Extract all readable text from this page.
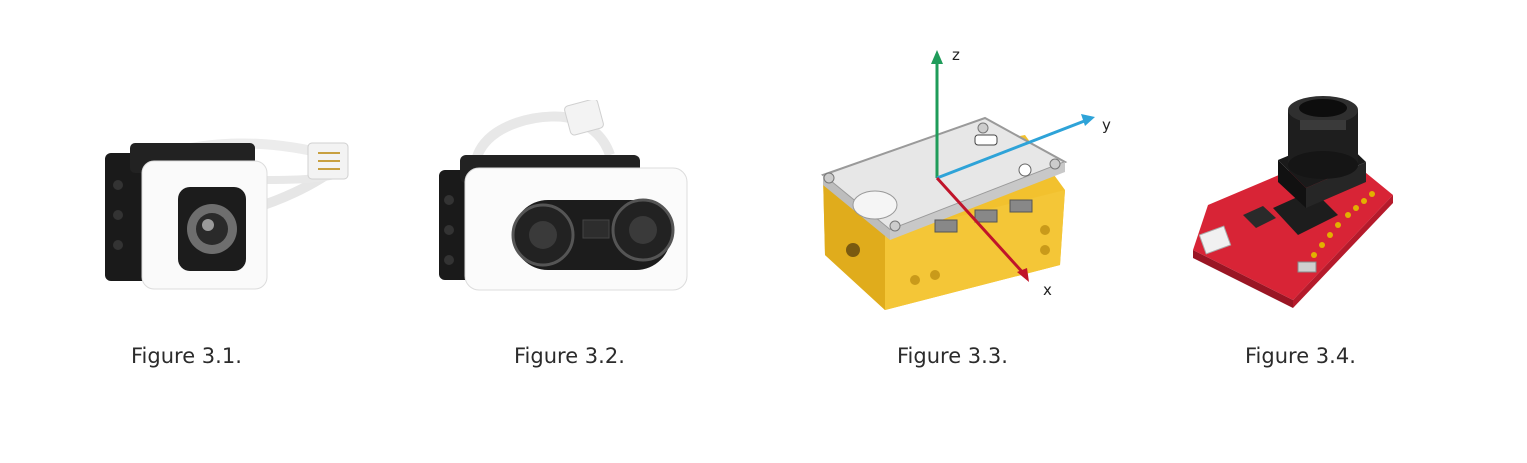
z
y
x
Figure 3.1.	Figure 3.2.	Figure 3.3.	Figure 3.4.
